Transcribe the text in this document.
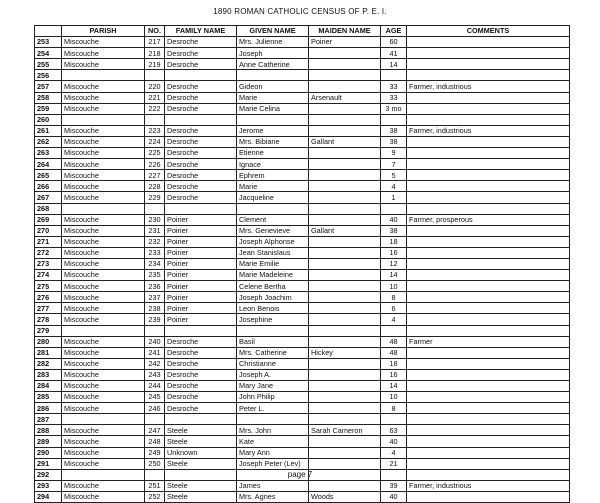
1890 ROMAN CATHOLIC CENSUS OF P. E. I.
	PARISH	NO.	FAMILY NAME	GIVEN NAME	MAIDEN NAME	AGE	COMMENTS
253	Miscouche	217	Desroche	Mrs. Julienne	Poirier	60	
254	Miscouche	218	Desroche	Joseph		41	
255	Miscouche	219	Desroche	Anne Catherine		14	
256							
257	Miscouche	220	Desroche	Gideon		33	Farmer, industrious
258	Miscouche	221	Desroche	Marie	Arsenault	33	
259	Miscouche	222	Desroche	Marie Celina		3 mo	
260							
261	Miscouche	223	Desroche	Jerome		38	Farmer, industrious
262	Miscouche	224	Desroche	Mrs. Bibiane	Gallant	38	
263	Miscouche	225	Desroche	Etienne		9	
264	Miscouche	226	Desroche	Ignace		7	
265	Miscouche	227	Desroche	Ephrem		5	
266	Miscouche	228	Desroche	Marie		4	
267	Miscouche	229	Desroche	Jacqueline		1	
268							
269	Miscouche	230	Poirier	Clement		40	Farmer, prosperous
270	Miscouche	231	Poirier	Mrs. Genevieve	Gallant	38	
271	Miscouche	232	Poirier	Joseph Alphonse		18	
272	Miscouche	233	Poirier	Jean Stanislaus		16	
273	Miscouche	234	Poirier	Marie Emilie		12	
274	Miscouche	235	Poirier	Marie Madeleine		14	
275	Miscouche	236	Poirier	Celene Bertha		10	
276	Miscouche	237	Poirier	Joseph Joachim		8	
277	Miscouche	238	Poirier	Leon Benois		6	
278	Miscouche	239	Poirier	Josephine		4	
279							
280	Miscouche	240	Desroche	Basil		48	Farmer
281	Miscouche	241	Desroche	Mrs. Catherine	Hickey	48	
282	Miscouche	242	Desroche	Christianne		18	
283	Miscouche	243	Desroche	Joseph A.		16	
284	Miscouche	244	Desroche	Mary Jane		14	
285	Miscouche	245	Desroche	John Philip		10	
286	Miscouche	246	Desroche	Peter L.		8	
287							
288	Miscouche	247	Steele	Mrs. John	Sarah Cameron	63	
289	Miscouche	248	Steele	Kate		40	
290	Miscouche	249	Unknown	Mary Ann		4	
291	Miscouche	250	Steele	Joseph Peter (Lev)		21	
292							
293	Miscouche	251	Steele	James		39	Farmer, industrious
294	Miscouche	252	Steele	Mrs. Agnes	Woods	40	
page 7
